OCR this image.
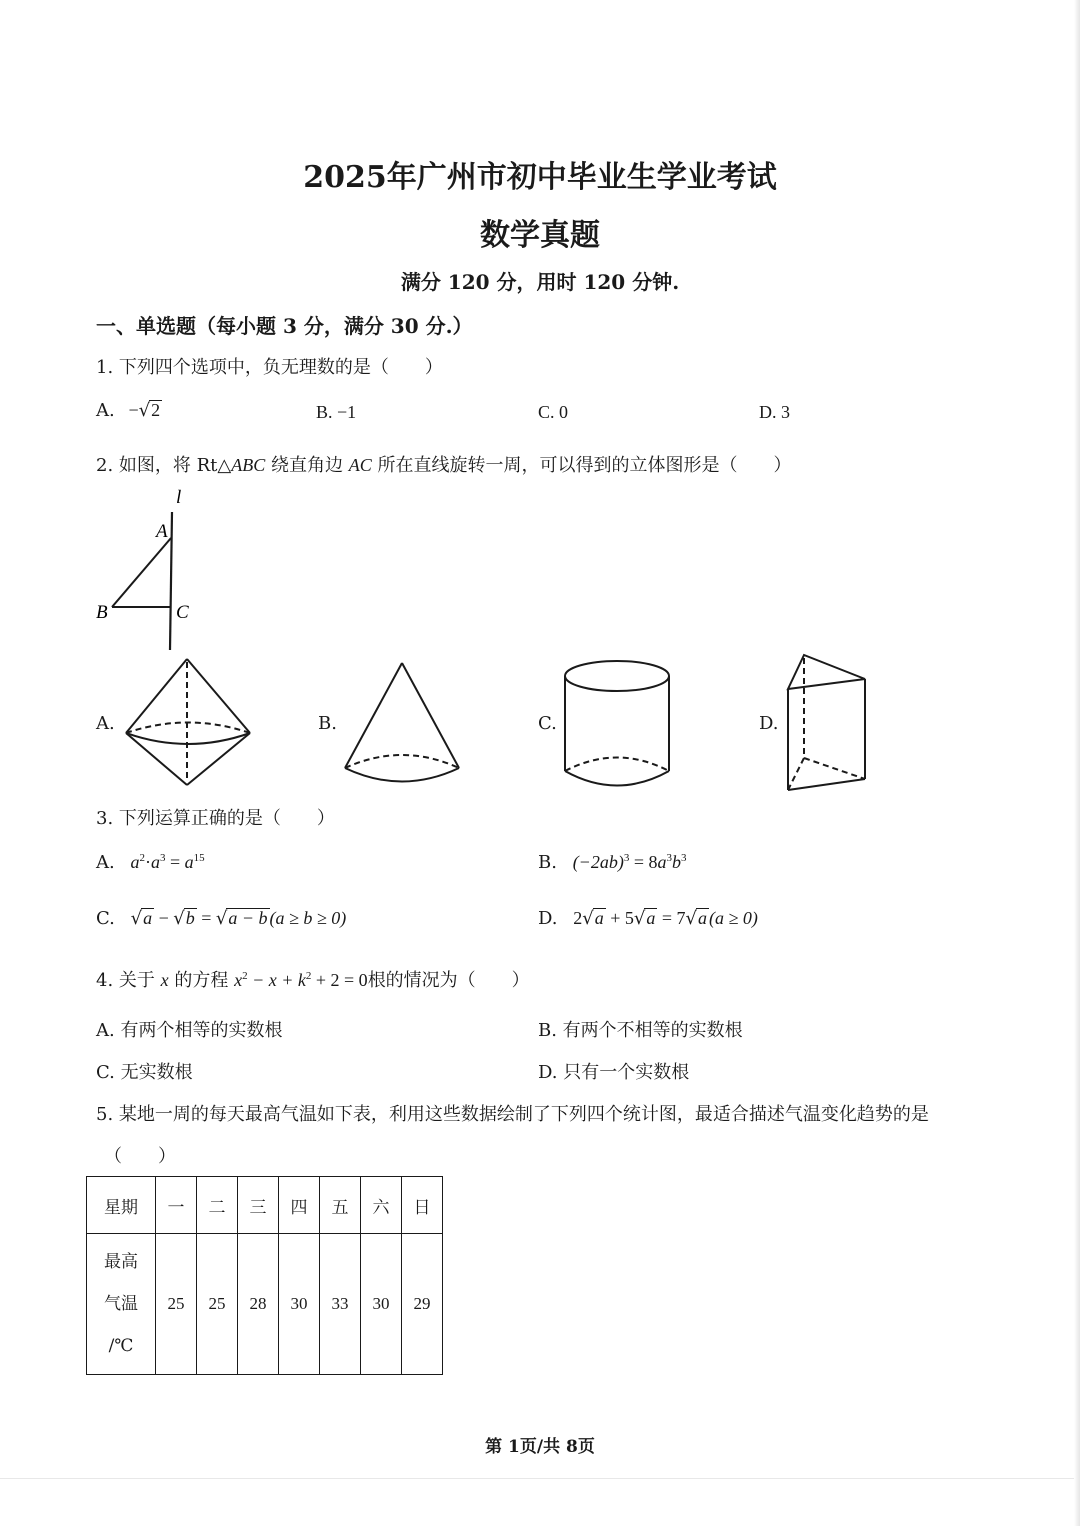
2025年广州市初中毕业生学业考试
数学真题
满分 120 分，用时 120 分钟.
一、单选题（每小题 3 分，满分 30 分.）
1. 下列四个选项中，负无理数的是（　　）
A. −√2	B. −1	C. 0	D. 3
2. 如图，将 Rt△ABC 绕直角边 AC 所在直线旋转一周，可以得到的立体图形是（　　）
l
A
B	C
A.	B.	C.	D.
3. 下列运算正确的是（　　）
A. $a^2\cdot a^3 = a^{15}$	B. $(-2ab)^3 = 8a^3b^3$
C. √a − √b = √a − b (a ≥ b ≥ 0)	D. 2√a + 5√a = 7√a (a ≥ 0)
4. 关于 x 的方程 $x^2 - x + k^2 + 2 = 0$根的情况为（　　）
A. 有两个相等的实数根	B. 有两个不相等的实数根
C. 无实数根	D. 只有一个实数根
5. 某地一周的每天最高气温如下表，利用这些数据绘制了下列四个统计图，最适合描述气温变化趋势的是
（　　）
星期	一	二	三	四	五	六	日

最高
气温
/℃	25	25	28	30	33	30	29
第 1页/共 8页
